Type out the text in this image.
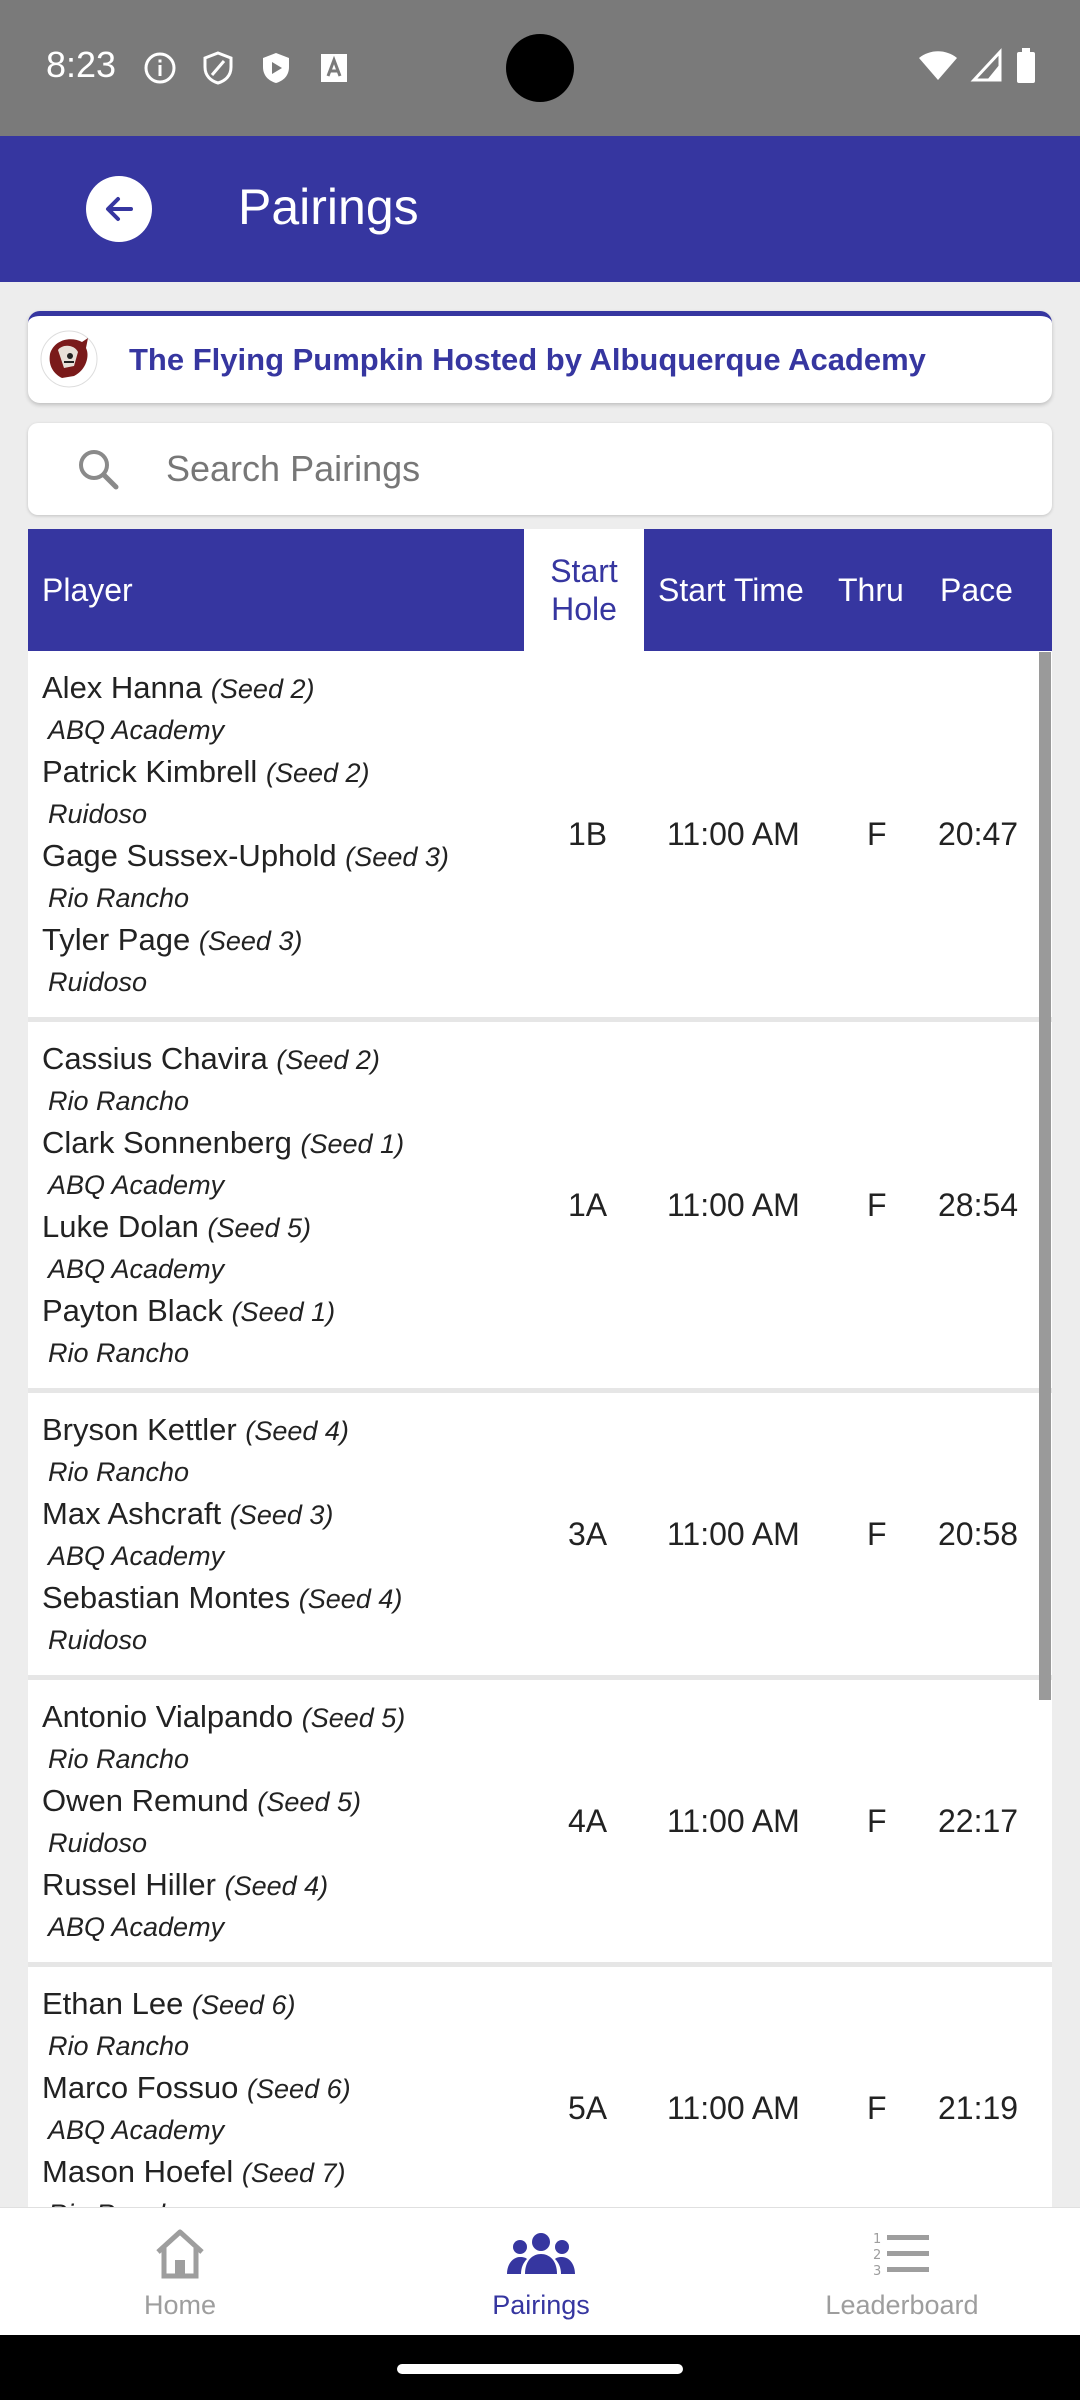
8:23
Pairings
The Flying Pumpkin Hosted by Albuquerque Academy
Search Pairings
Player
Start Hole
Start Time Thru Pace
Alex Hanna (Seed 2)
ABQ Academy
Patrick Kimbrell (Seed 2)
Ruidoso
Gage Sussex-Uphold (Seed 3)
Rio Rancho
Tyler Page (Seed 3)
Ruidoso
1B 11:00 AM F 20:47
Cassius Chavira (Seed 2)
Rio Rancho
Clark Sonnenberg (Seed 1)
ABQ Academy
Luke Dolan (Seed 5)
ABQ Academy
Payton Black (Seed 1)
Rio Rancho
1A 11:00 AM F 28:54
Bryson Kettler (Seed 4)
Rio Rancho
Max Ashcraft (Seed 3)
ABQ Academy
Sebastian Montes (Seed 4)
Ruidoso
3A 11:00 AM F 20:58
Antonio Vialpando (Seed 5)
Rio Rancho
Owen Remund (Seed 5)
Ruidoso
Russel Hiller (Seed 4)
ABQ Academy
4A 11:00 AM F 22:17
Ethan Lee (Seed 6)
Rio Rancho
Marco Fossuo (Seed 6)
ABQ Academy
Mason Hoefel (Seed 7)
5A 11:00 AM F 21:19
Home	Pairings
1
2
3
Leaderboard
